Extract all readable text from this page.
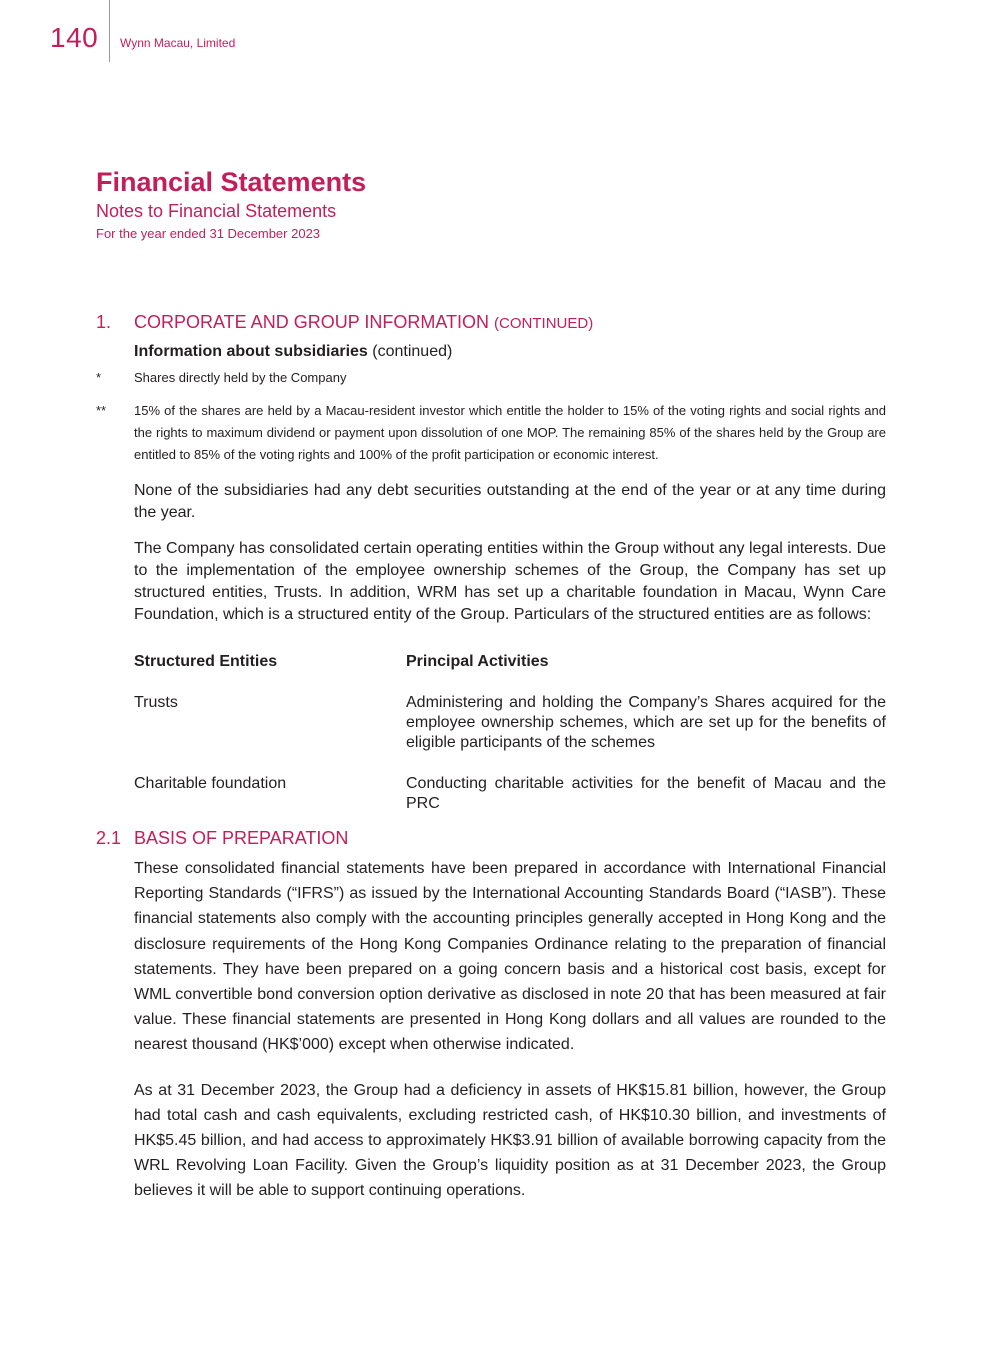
140 Wynn Macau, Limited
Financial Statements
Notes to Financial Statements
For the year ended 31 December 2023
1.	CORPORATE AND GROUP INFORMATION (CONTINUED)
Information about subsidiaries (continued)
*	Shares directly held by the Company
**	15% of the shares are held by a Macau-resident investor which entitle the holder to 15% of the voting rights and social rights and the rights to maximum dividend or payment upon dissolution of one MOP. The remaining 85% of the shares held by the Group are entitled to 85% of the voting rights and 100% of the profit participation or economic interest.

None of the subsidiaries had any debt securities outstanding at the end of the year or at any time during the year.

The Company has consolidated certain operating entities within the Group without any legal interests. Due to the implementation of the employee ownership schemes of the Group, the Company has set up structured entities, Trusts. In addition, WRM has set up a charitable foundation in Macau, Wynn Care Foundation, which is a structured entity of the Group. Particulars of the structured entities are as follows:

Structured Entities	Principal Activities
Trusts	Administering and holding the Company’s Shares acquired for the employee ownership schemes, which are set up for the benefits of eligible participants of the schemes
Charitable foundation	Conducting charitable activities for the benefit of Macau and the PRC
2.1 BASIS OF PREPARATION

These consolidated financial statements have been prepared in accordance with International Financial Reporting Standards (“IFRS”) as issued by the International Accounting Standards Board (“IASB”). These financial statements also comply with the accounting principles generally accepted in Hong Kong and the disclosure requirements of the Hong Kong Companies Ordinance relating to the preparation of financial statements. They have been prepared on a going concern basis and a historical cost basis, except for WML convertible bond conversion option derivative as disclosed in note 20 that has been measured at fair value. These financial statements are presented in Hong Kong dollars and all values are rounded to the nearest thousand (HK$’000) except when otherwise indicated.

As at 31 December 2023, the Group had a deficiency in assets of HK$15.81 billion, however, the Group had total cash and cash equivalents, excluding restricted cash, of HK$10.30 billion, and investments of HK$5.45 billion, and had access to approximately HK$3.91 billion of available borrowing capacity from the WRL Revolving Loan Facility. Given the Group’s liquidity position as at 31 December 2023, the Group believes it will be able to support continuing operations.
